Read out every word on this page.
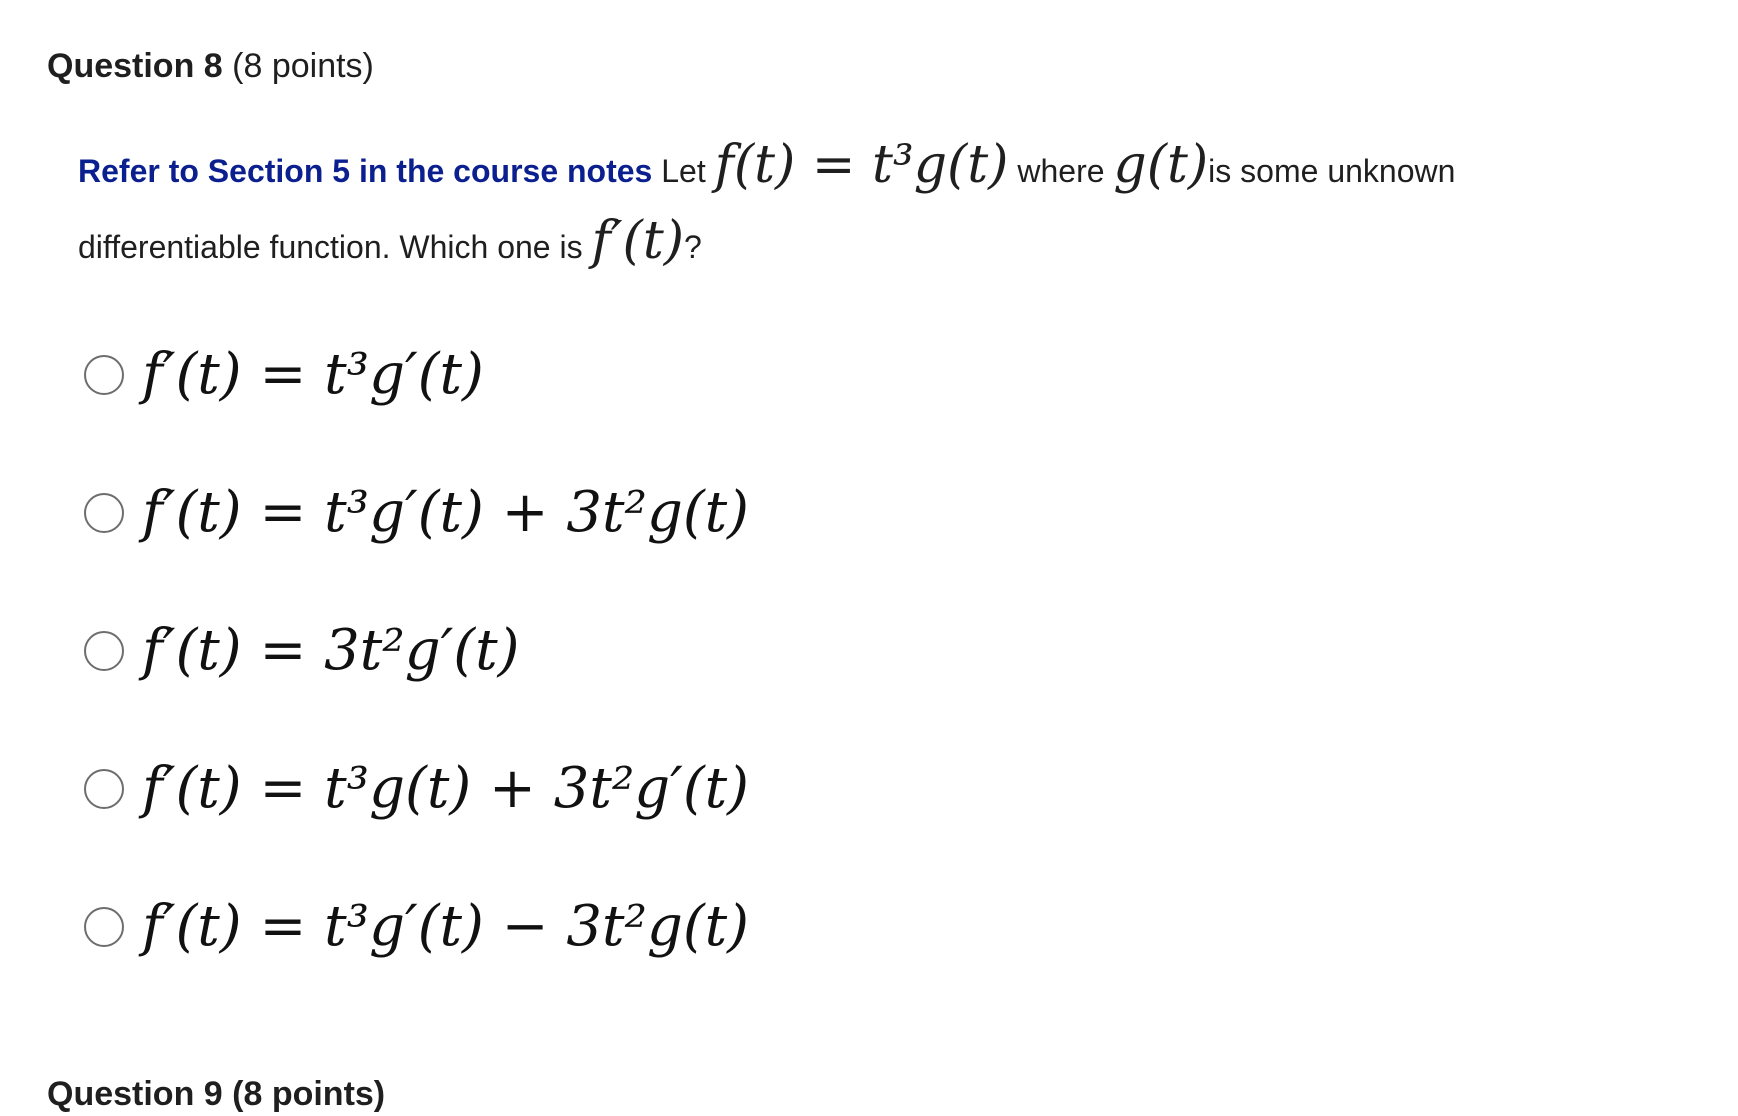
Question 8 (8 points)
Refer to Section 5 in the course notes Let f(t) = t³g(t) where g(t)is some unknown differentiable function. Which one is f′(t)?
f′(t) = t³g′(t)
f′(t) = t³g′(t) + 3t²g(t)
f′(t) = 3t²g′(t)
f′(t) = t³g(t) + 3t²g′(t)
f′(t) = t³g′(t) − 3t²g(t)
Question 9 (8 points)
